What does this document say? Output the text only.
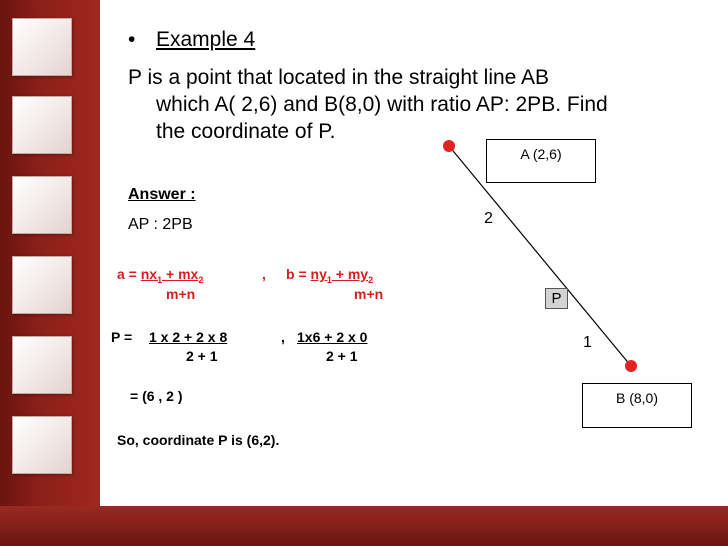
• Example 4
P is a point that located in the straight line AB
which A( 2,6) and B(8,0) with ratio AP: 2PB. Find
the coordinate of P.
Answer :
AP : 2PB
$a = nx_1 + mx_2$
m+n
, $b = ny_1 + my_2$
m+n
P = 1 x 2 + 2 x 8	, 1x6 + 2 x 0
2 + 1	2 + 1
= (6 , 2 )
So, coordinate P is (6,2).
A (2,6)
B (8,0)
P
2
1
